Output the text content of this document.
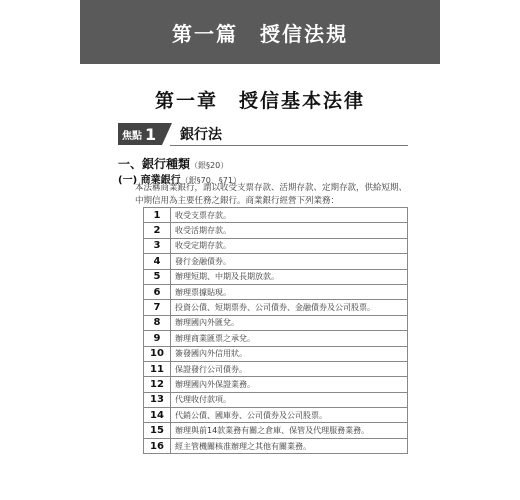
第一篇　授信法規
第一章　授信基本法律
焦點 1 銀行法
一、銀行種類（銀§20）
(一) 商業銀行（銀§70、§71）
本法稱商業銀行，謂以收受支票存款、活期存款、定期存款，供給短期、中期信用為主要任務之銀行。商業銀行經營下列業務：
1	收受支票存款。
2	收受活期存款。
3	收受定期存款。
4	發行金融債券。
5	辦理短期、中期及長期放款。
6	辦理票據貼現。
7	投資公債、短期票券、公司債券、金融債券及公司股票。
8	辦理國內外匯兌。
9	辦理商業匯票之承兌。
10	簽發國內外信用狀。
11	保證發行公司債券。
12	辦理國內外保證業務。
13	代理收付款項。
14	代銷公債、國庫券、公司債券及公司股票。
15	辦理與前14款業務有關之倉庫、保管及代理服務業務。
16	經主管機關核准辦理之其他有關業務。
